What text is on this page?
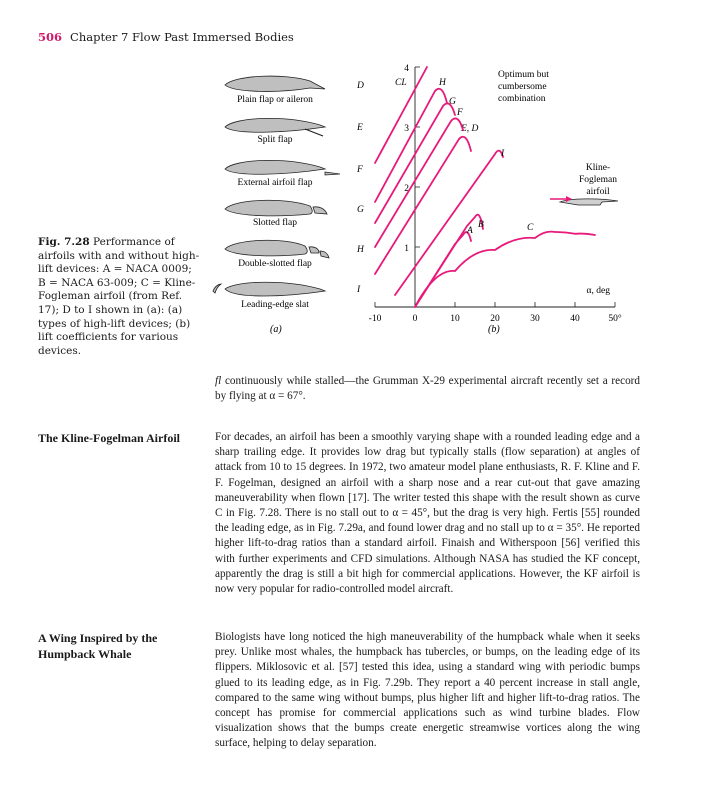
506 Chapter 7 Flow Past Immersed Bodies
Fig. 7.28 Performance of airfoils with and without high-lift devices: A = NACA 0009; B = NACA 63-009; C = Kline-Fogleman airfoil (from Ref. 17); D to I shown in (a): (a) types of high-lift devices; (b) lift coefficients for various devices.
Plain flap or aileron
D
Split flap
E
External airfoil flap
F
Slotted flap
G
Double-slotted flap
H
Leading-edge slat
I
(a)
-10	0	10	20	30	40	50°
1
2
3
4
CL
α, deg
A
B	C
I
E, D
F
G
H
(b)
Optimum but
cumbersome
combination
Kline-
Fogleman
airfoil
fl continuously while stalled—the Grumman X-29 experimental aircraft recently set a record by flying at α = 67°.
The Kline-Fogelman Airfoil	For decades, an airfoil has been a smoothly varying shape with a rounded leading edge and a sharp trailing edge. It provides low drag but typically stalls (flow separation) at angles of attack from 10 to 15 degrees. In 1972, two amateur model plane enthusiasts, R. F. Kline and F. F. Fogelman, designed an airfoil with a sharp nose and a rear cut-out that gave amazing maneuverability when flown [17]. The writer tested this shape with the result shown as curve C in Fig. 7.28. There is no stall out to α = 45°, but the drag is very high. Fertis [55] rounded the leading edge, as in Fig. 7.29a, and found lower drag and no stall up to α = 35°. He reported higher lift-to-drag ratios than a standard airfoil. Finaish and Witherspoon [56] verified this with further experiments and CFD simulations. Although NASA has studied the KF concept, apparently the drag is still a bit high for commercial applications. However, the KF airfoil is now very popular for radio-controlled model aircraft.
A Wing Inspired by the Humpback Whale
Biologists have long noticed the high maneuverability of the humpback whale when it seeks prey. Unlike most whales, the humpback has tubercles, or bumps, on the leading edge of its flippers. Miklosovic et al. [57] tested this idea, using a standard wing with periodic bumps glued to its leading edge, as in Fig. 7.29b. They report a 40 percent increase in stall angle, compared to the same wing without bumps, plus higher lift and higher lift-to-drag ratios. The concept has promise for commercial applications such as wind turbine blades. Flow visualization shows that the bumps create energetic streamwise vortices along the wing surface, helping to delay separation.
